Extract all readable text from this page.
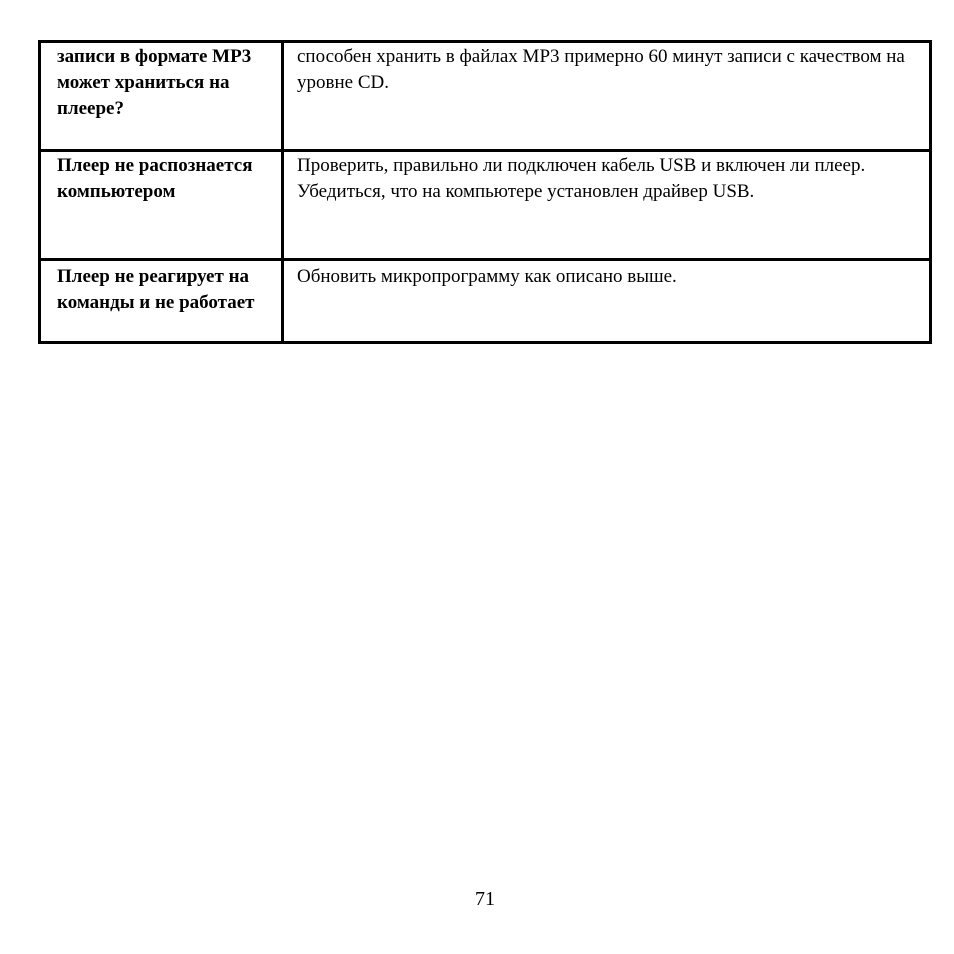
записи в формате МР3 может храниться на плеере?	способен хранить в файлах MP3 примерно 60 минут записи с качеством на уровне CD.

Плеер не распознается компьютером	Проверить, правильно ли подключен кабель USB и включен ли плеер.
Убедиться, что на компьютере установлен драйвер USB.

Плеер не реагирует на команды и не работает	Обновить микропрограмму как описано выше.
71
